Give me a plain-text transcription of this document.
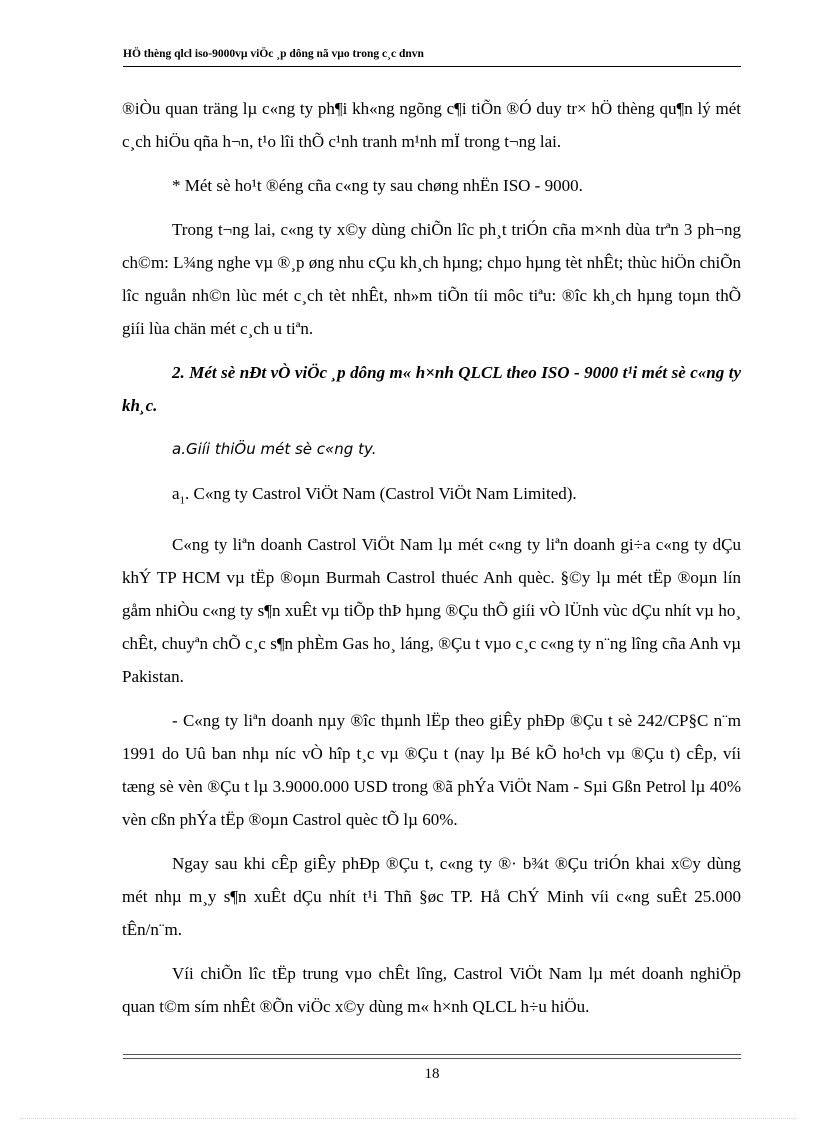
HÖ thèng qlcl iso-9000vµ viÖc ¸p dông nã vµo trong c¸c dnvn

®iÒu quan träng lµ c«ng ty ph¶i kh«ng ngõng c¶i tiÕn ®Ó duy tr× hÖ thèng qu¶n lý mét c¸ch hiÖu qña h¬n, t¹o lîi thÕ c¹nh tranh m¹nh mÏ trong t¬ng lai.

* Mét sè ho¹t ®éng cña c«ng ty sau chøng nhËn ISO - 9000.

Trong t¬ng lai, c«ng ty x©y dùng chiÕn lîc ph¸t triÓn cña m×nh dùa trªn 3 ph¬ng ch©m: L¾ng nghe vµ ®¸p øng nhu cÇu kh¸ch hµng; chµo hµng tèt nhÊt; thùc hiÖn chiÕn lîc nguån nh©n lùc mét c¸ch tèt nhÊt, nh»m tiÕn tíi môc tiªu: ®îc kh¸ch hµng toµn thÕ giíi lùa chän mét c¸ch u tiªn.

2. Mét sè nÐt vÒ viÖc ¸p dông m« h×nh QLCL theo ISO - 9000 t¹i mét sè c«ng ty kh¸c.

a.Giíi thiÖu mét sè c«ng ty.

$a_1$. C«ng ty Castrol ViÖt Nam (Castrol ViÖt Nam Limited).

C«ng ty liªn doanh Castrol ViÖt Nam lµ mét c«ng ty liªn doanh gi÷a c«ng ty dÇu khÝ TP HCM vµ tËp ®oµn Burmah Castrol thuéc Anh quèc. §©y lµ mét tËp ®oµn lín gåm nhiÒu c«ng ty s¶n xuÊt vµ tiÕp thÞ hµng ®Çu thÕ giíi vÒ lÜnh vùc dÇu nhít vµ ho¸ chÊt, chuyªn chÕ c¸c s¶n phÈm Gas ho¸ láng, ®Çu t vµo c¸c c«ng ty n¨ng lîng cña Anh vµ Pakistan.

- C«ng ty liªn doanh nµy ®îc thµnh lËp theo giÊy phÐp ®Çu t sè 242/CP§C n¨m 1991 do Uû ban nhµ níc vÒ hîp t¸c vµ ®Çu t (nay lµ Bé kÕ ho¹ch vµ ®Çu t) cÊp, víi tæng sè vèn ®Çu t lµ 3.9000.000 USD trong ®ã phÝa ViÖt Nam - Sµi Gßn Petrol lµ 40% vèn cßn phÝa tËp ®oµn Castrol quèc tÕ lµ 60%.

Ngay sau khi cÊp giÊy phÐp ®Çu t, c«ng ty ®· b¾t ®Çu triÓn khai x©y dùng mét nhµ m¸y s¶n xuÊt dÇu nhít t¹i Thñ §øc TP. Hå ChÝ Minh víi c«ng suÊt 25.000 tÊn/n¨m.

Víi chiÕn lîc tËp trung vµo chÊt lîng, Castrol ViÖt Nam lµ mét doanh nghiÖp quan t©m sím nhÊt ®Õn viÖc x©y dùng m« h×nh QLCL h÷u hiÖu.

18
